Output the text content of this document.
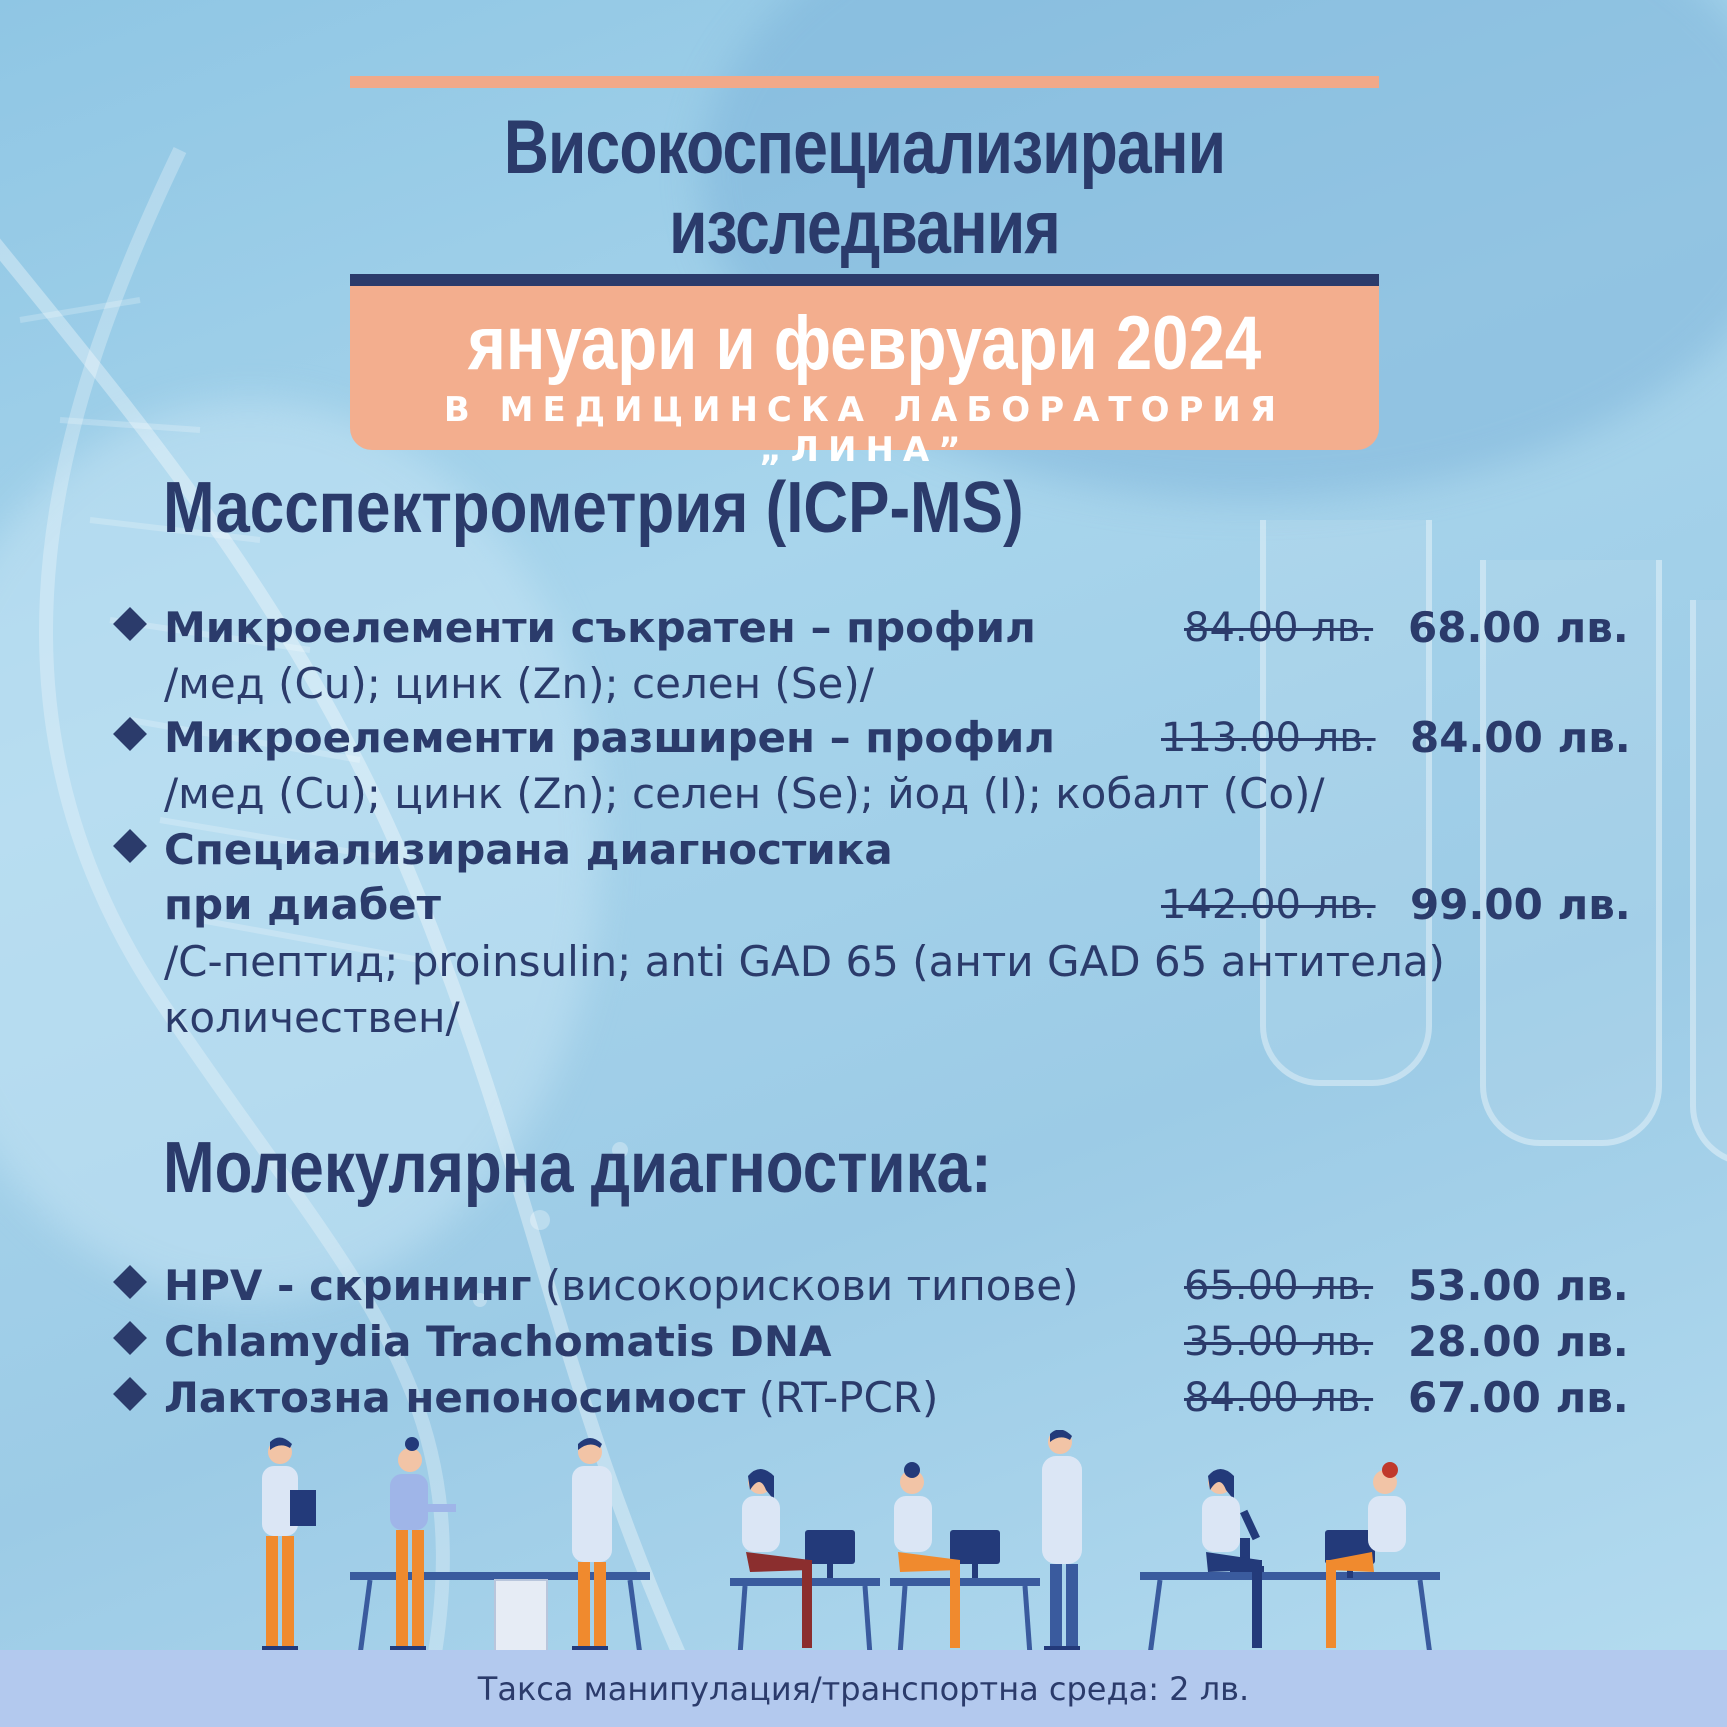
Високоспециализирани
изследвания
януари и февруари 2024
В МЕДИЦИНСКА ЛАБОРАТОРИЯ „ЛИНА”
Масспектрометрия (ICP-MS)
Микроелементи съкратен – профил	84.00 лв. 68.00 лв.
/мед (Cu); цинк (Zn); селен (Se)/
Микроелементи разширен – профил	113.00 лв. 84.00 лв.
/мед (Cu); цинк (Zn); селен (Se); йод (I); кобалт (Co)/
Специализирана диагностика
при диабет	142.00 лв. 99.00 лв.
/C-пептид; proinsulin; anti GAD 65 (анти GAD 65 антитела)
количествен/
Молекулярна диагностика:
HPV - скрининг (високорискови типове)	65.00 лв. 53.00 лв.
Chlamydia Trachomatis DNA	35.00 лв. 28.00 лв.
Лактозна непоносимост (RT-PCR)	84.00 лв. 67.00 лв.
Такса манипулация/транспортна среда: 2 лв.
